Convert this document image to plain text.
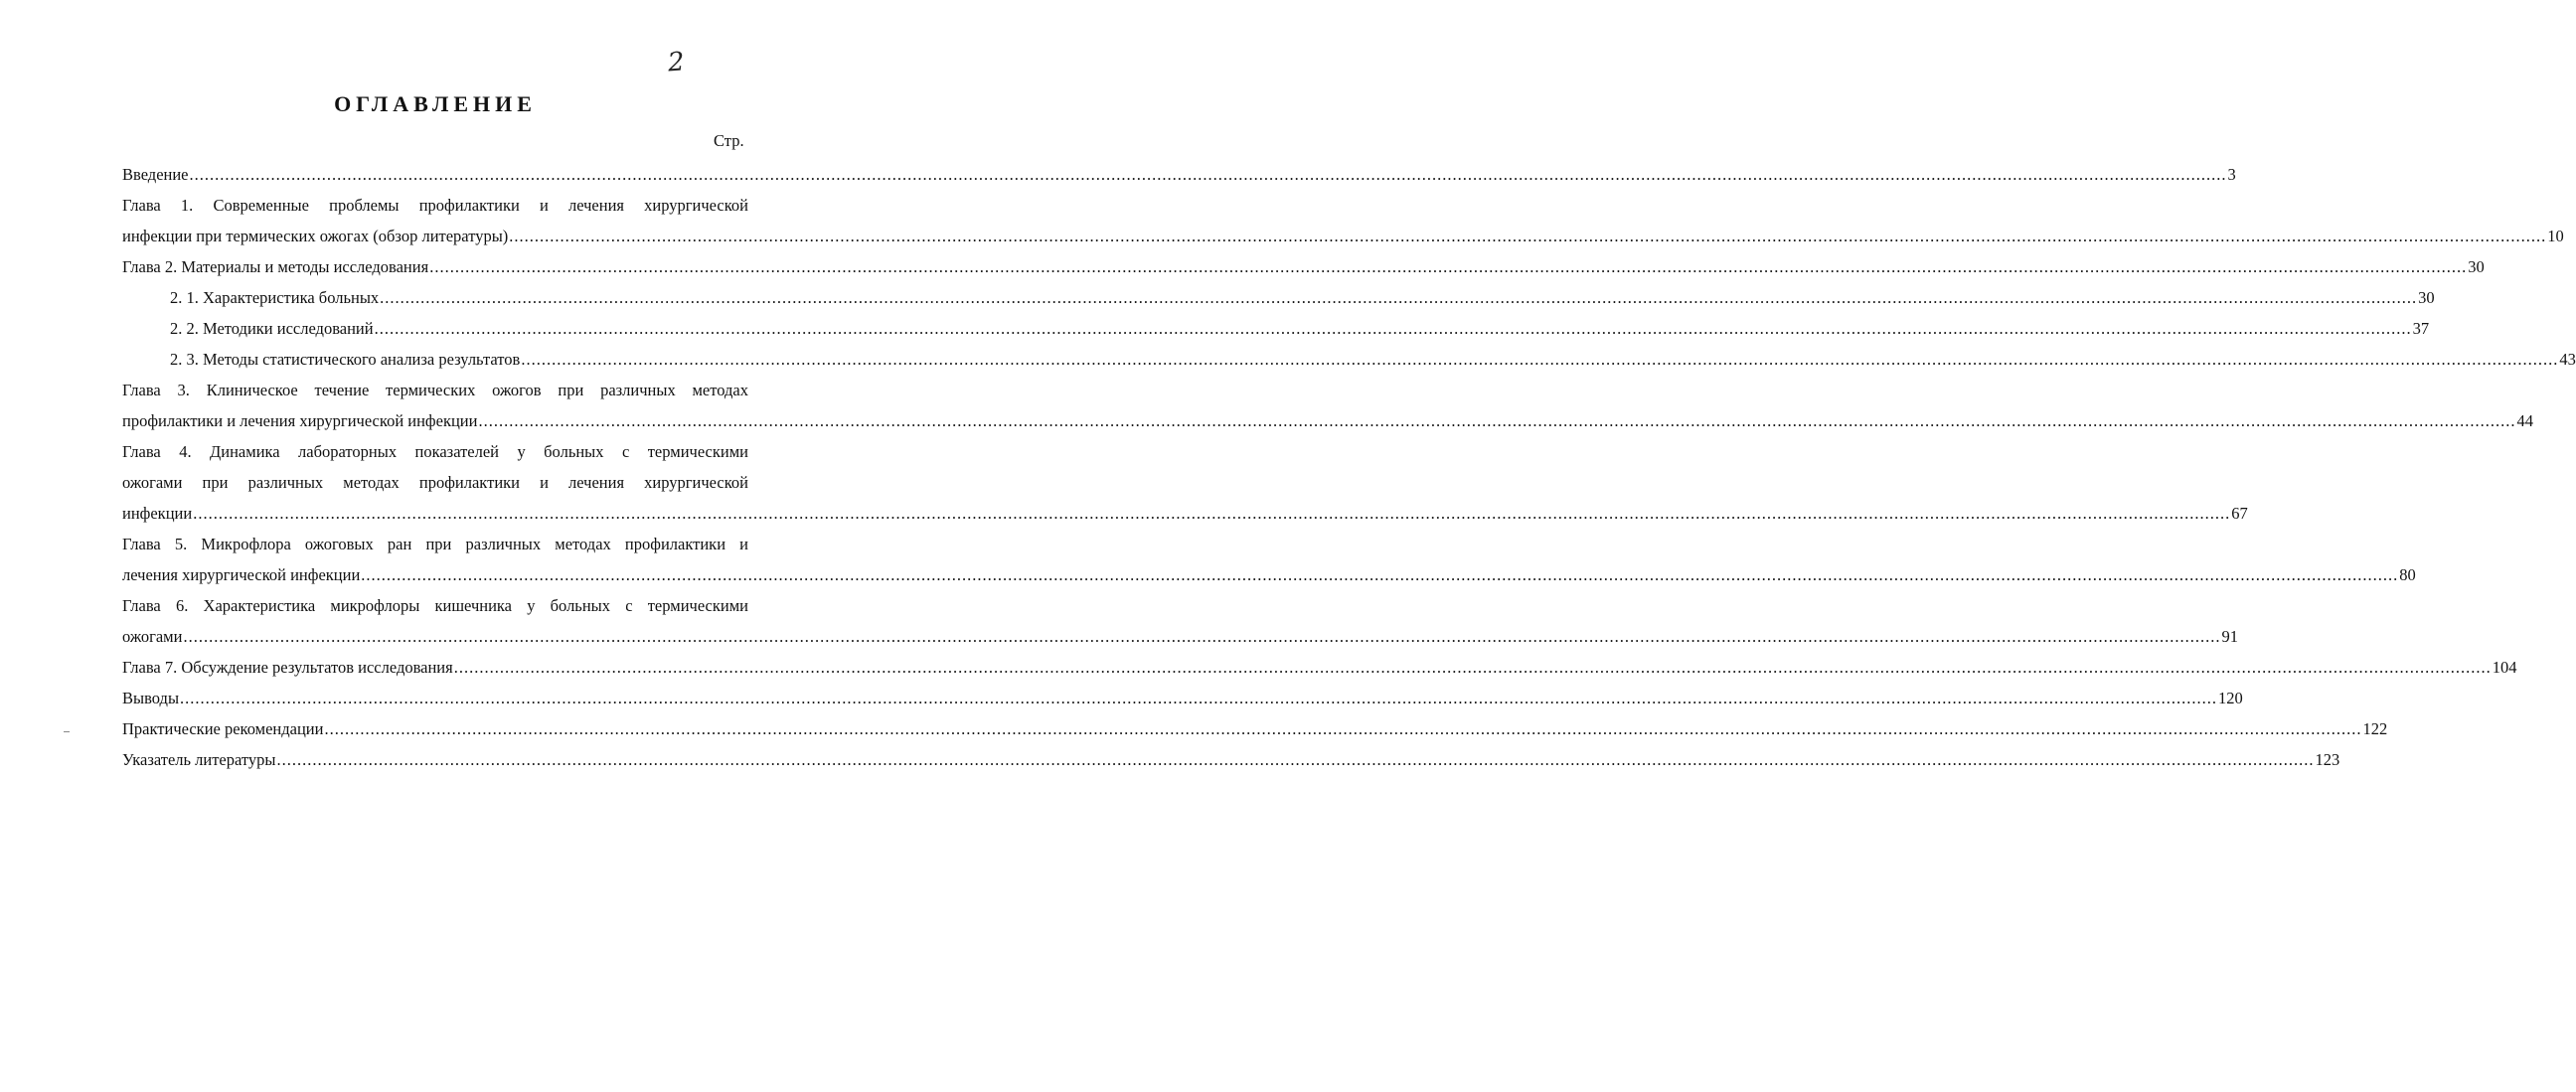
2
ОГЛАВЛЕНИЕ
Стр.
Введение ................................................................................................................................................................................................................................................................................................................................................................................................................ 3
Глава 1. Современные проблемы профилактики и лечения хирургической
инфекции при термических ожогах (обзор литературы) ................................................................................................................................................................................................................................................................................................................................................................................................................ 10
Глава 2. Материалы и методы исследования ................................................................................................................................................................................................................................................................................................................................................................................................................ 30
2. 1. Характеристика больных ................................................................................................................................................................................................................................................................................................................................................................................................................ 30
2. 2. Методики исследований ................................................................................................................................................................................................................................................................................................................................................................................................................ 37
2. 3. Методы статистического анализа результатов ................................................................................................................................................................................................................................................................................................................................................................................................................ 43
Глава 3. Клиническое течение термических ожогов при различных методах
профилактики и лечения хирургической инфекции ................................................................................................................................................................................................................................................................................................................................................................................................................ 44
Глава 4. Динамика лабораторных показателей у больных с термическими
ожогами при различных методах профилактики и лечения хирургической
инфекции ................................................................................................................................................................................................................................................................................................................................................................................................................ 67
Глава 5. Микрофлора ожоговых ран при различных методах профилактики и
лечения хирургической инфекции ................................................................................................................................................................................................................................................................................................................................................................................................................ 80
Глава 6. Характеристика микрофлоры кишечника у больных с термическими
ожогами ................................................................................................................................................................................................................................................................................................................................................................................................................ 91
Глава 7. Обсуждение результатов исследования ................................................................................................................................................................................................................................................................................................................................................................................................................ 104
Выводы ................................................................................................................................................................................................................................................................................................................................................................................................................ 120
Практические рекомендации ................................................................................................................................................................................................................................................................................................................................................................................................................ 122
Указатель литературы ................................................................................................................................................................................................................................................................................................................................................................................................................ 123
